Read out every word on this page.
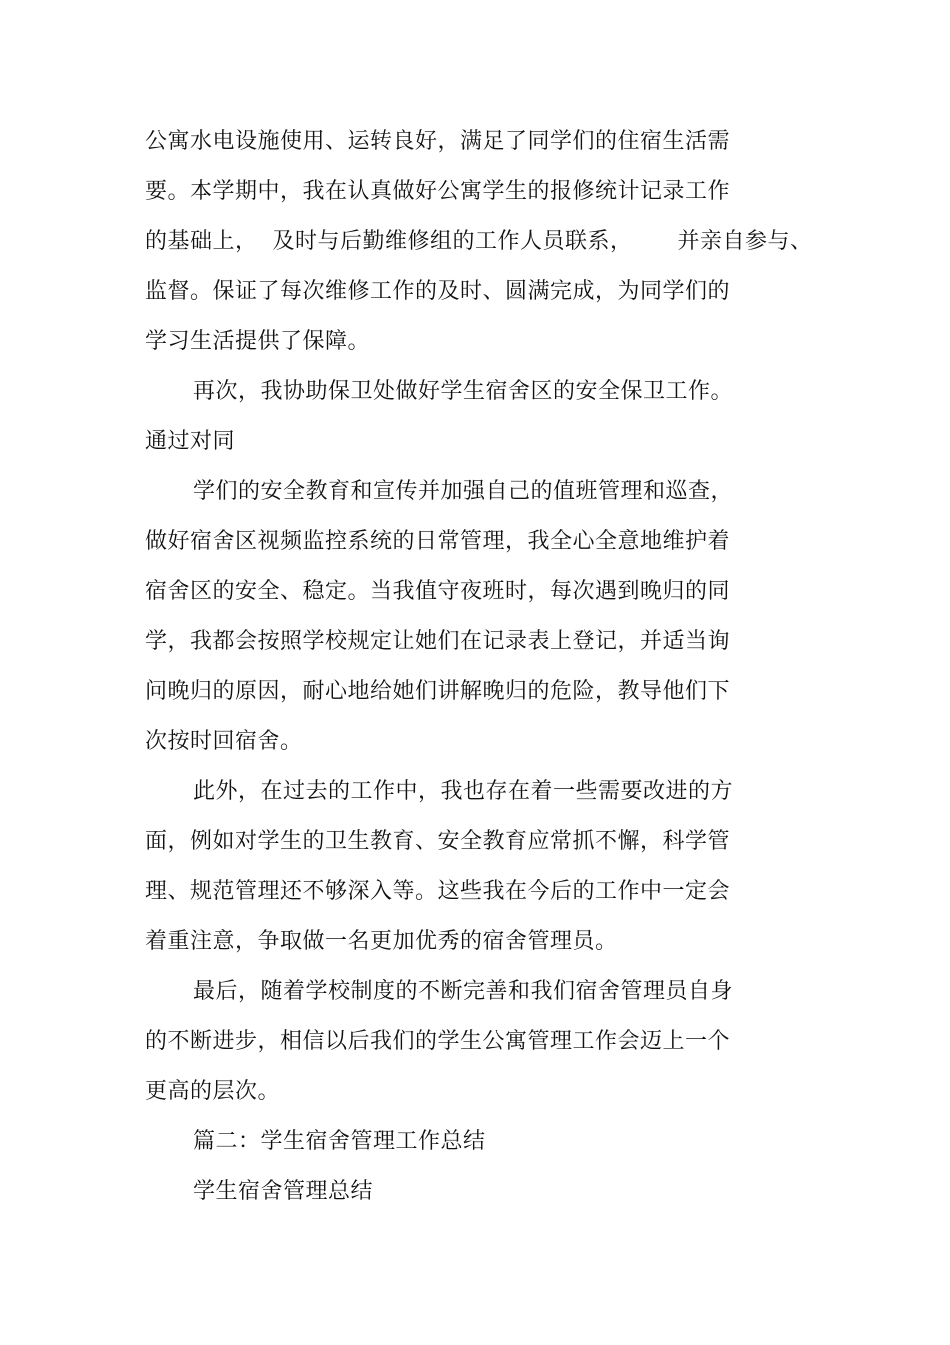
公寓水电设施使用、运转良好，满足了同学们的住宿生活需
要。本学期中，我在认真做好公寓学生的报修统计记录工作
的基础上，  及时与后勤维修组的工作人员联系，      并亲自参与、
监督。保证了每次维修工作的及时、圆满完成，为同学们的
学习生活提供了保障。
再次，我协助保卫处做好学生宿舍区的安全保卫工作。
通过对同
学们的安全教育和宣传并加强自己的值班管理和巡查，
做好宿舍区视频监控系统的日常管理，我全心全意地维护着
宿舍区的安全、稳定。当我值守夜班时，每次遇到晚归的同
学，我都会按照学校规定让她们在记录表上登记，并适当询
问晚归的原因，耐心地给她们讲解晚归的危险，教导他们下
次按时回宿舍。
此外，在过去的工作中，我也存在着一些需要改进的方
面，例如对学生的卫生教育、安全教育应常抓不懈，科学管
理、规范管理还不够深入等。这些我在今后的工作中一定会
着重注意，争取做一名更加优秀的宿舍管理员。
最后，随着学校制度的不断完善和我们宿舍管理员自身
的不断进步，相信以后我们的学生公寓管理工作会迈上一个
更高的层次。
篇二：学生宿舍管理工作总结
学生宿舍管理总结
